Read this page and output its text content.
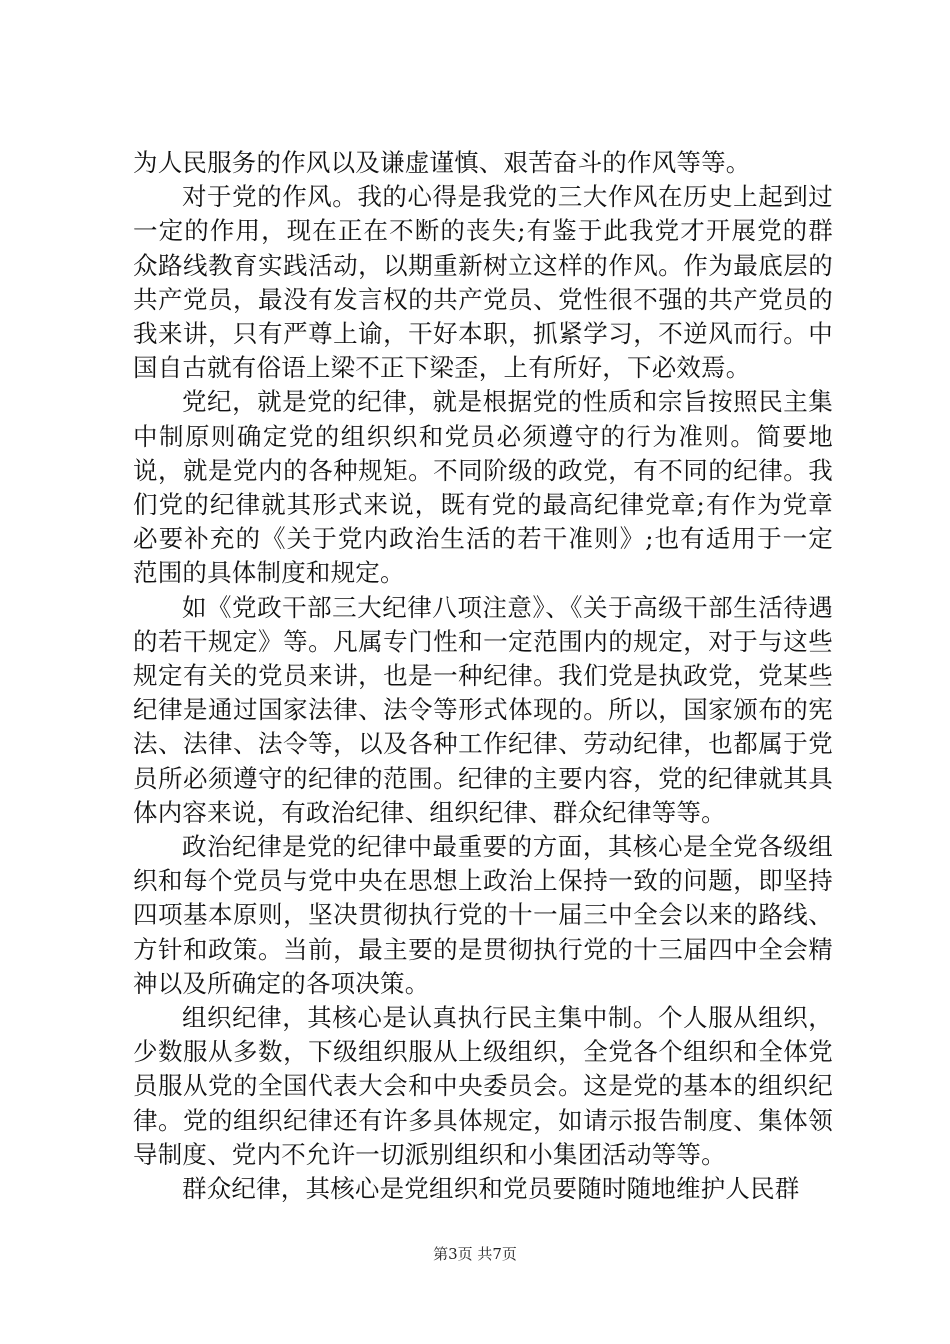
为人民服务的作风以及谦虚谨慎、艰苦奋斗的作风等等。

对于党的作风。我的心得是我党的三大作风在历史上起到过一定的作用，现在正在不断的丧失;有鉴于此我党才开展党的群众路线教育实践活动，以期重新树立这样的作风。作为最底层的共产党员，最没有发言权的共产党员、党性很不强的共产党员的我来讲，只有严尊上谕，干好本职，抓紧学习，不逆风而行。中国自古就有俗语上梁不正下梁歪，上有所好，下必效焉。

党纪，就是党的纪律，就是根据党的性质和宗旨按照民主集中制原则确定党的组织织和党员必须遵守的行为准则。简要地说，就是党内的各种规矩。不同阶级的政党，有不同的纪律。我们党的纪律就其形式来说，既有党的最高纪律党章;有作为党章必要补充的《关于党内政治生活的若干准则》;也有适用于一定范围的具体制度和规定。

如《党政干部三大纪律八项注意》、《关于高级干部生活待遇的若干规定》等。凡属专门性和一定范围内的规定，对于与这些规定有关的党员来讲，也是一种纪律。我们党是执政党，党某些纪律是通过国家法律、法令等形式体现的。所以，国家颁布的宪法、法律、法令等，以及各种工作纪律、劳动纪律，也都属于党员所必须遵守的纪律的范围。纪律的主要内容，党的纪律就其具体内容来说，有政治纪律、组织纪律、群众纪律等等。

政治纪律是党的纪律中最重要的方面，其核心是全党各级组织和每个党员与党中央在思想上政治上保持一致的问题，即坚持四项基本原则，坚决贯彻执行党的十一届三中全会以来的路线、方针和政策。当前，最主要的是贯彻执行党的十三届四中全会精神以及所确定的各项决策。

组织纪律，其核心是认真执行民主集中制。个人服从组织，少数服从多数，下级组织服从上级组织，全党各个组织和全体党员服从党的全国代表大会和中央委员会。这是党的基本的组织纪律。党的组织纪律还有许多具体规定，如请示报告制度、集体领导制度、党内不允许一切派别组织和小集团活动等等。

群众纪律，其核心是党组织和党员要随时随地维护人民群

第3页 共7页
